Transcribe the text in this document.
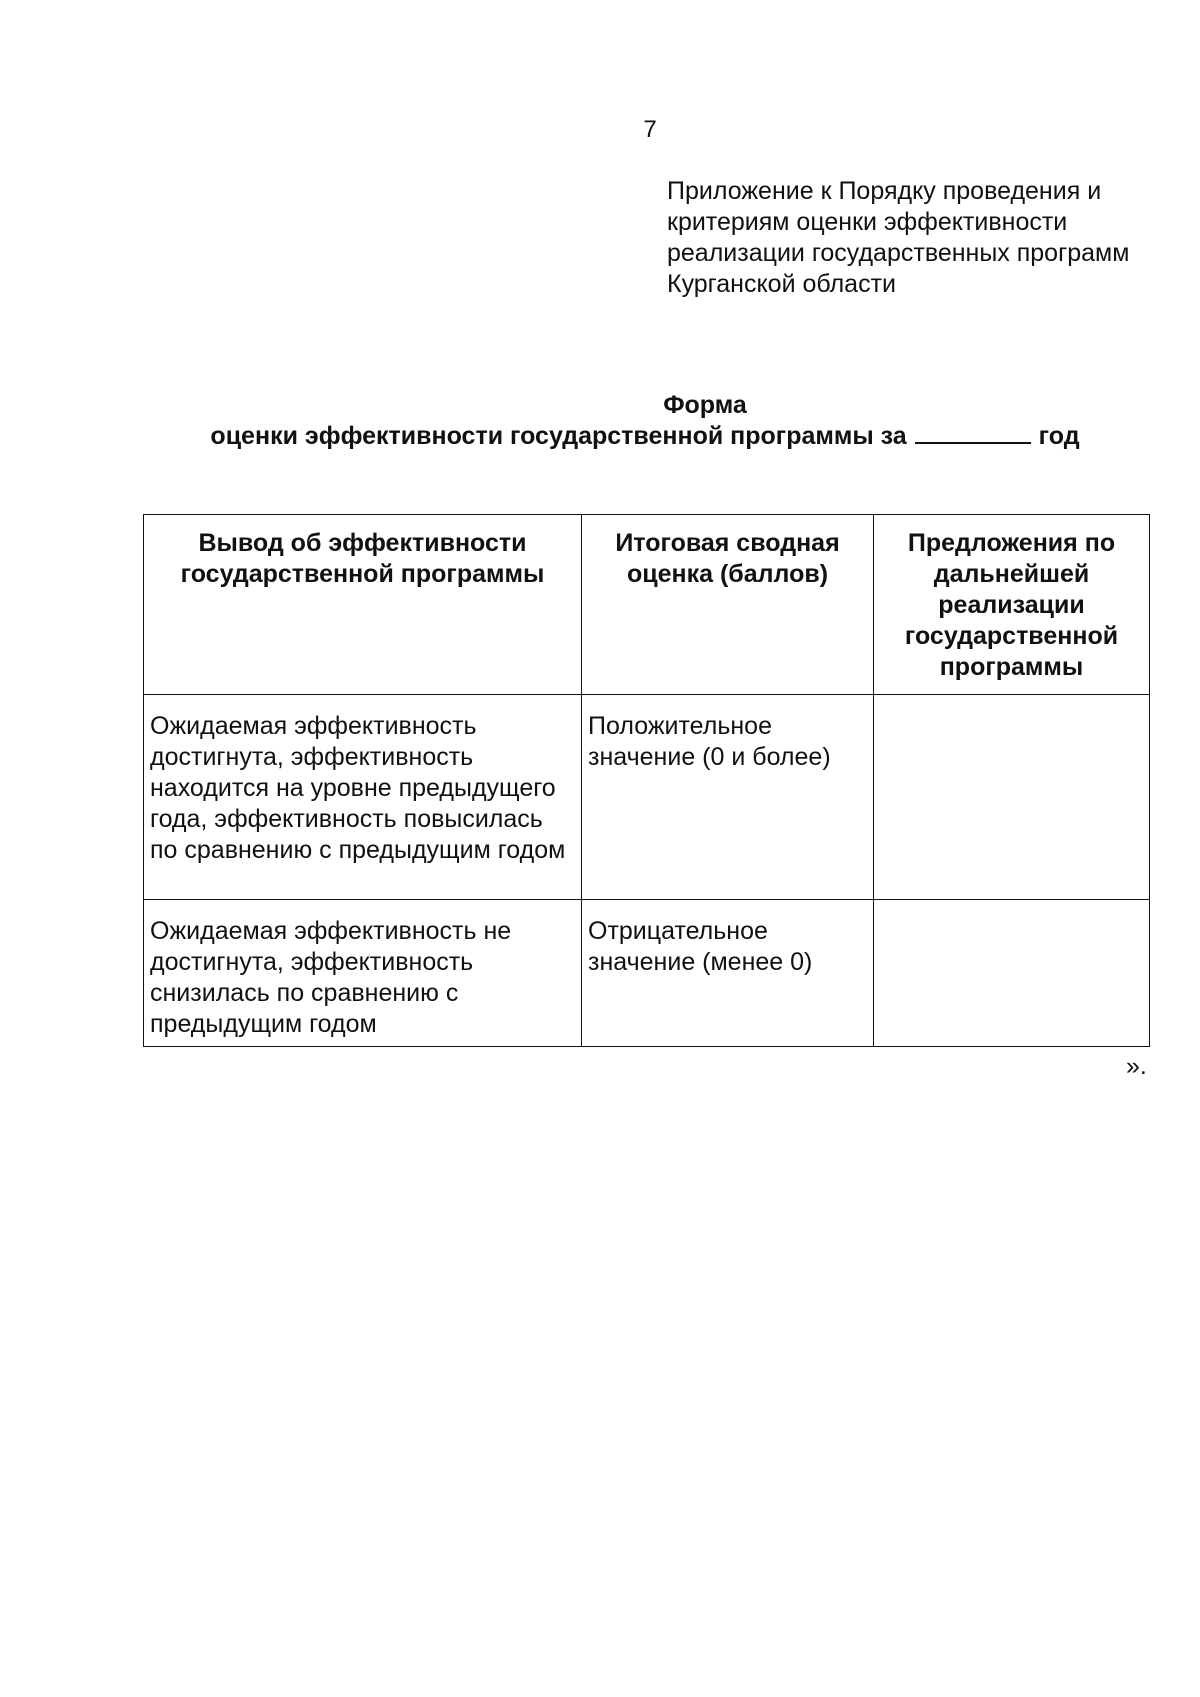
7
Приложение к Порядку проведения и
критериям оценки эффективности
реализации государственных программ
Курганской области
Форма
оценки эффективности государственной программы за	год
Вывод об эффективности государственной программы	Итоговая сводная оценка (баллов)	Предложения по дальнейшей реализации государственной программы
Ожидаемая эффективность достигнута, эффективность находится на уровне предыдущего года, эффективность повысилась по сравнению с предыдущим годом	Положительное значение (0 и более)	
Ожидаемая эффективность не достигнута, эффективность снизилась по сравнению с предыдущим годом	Отрицательное значение (менее 0)	
».
